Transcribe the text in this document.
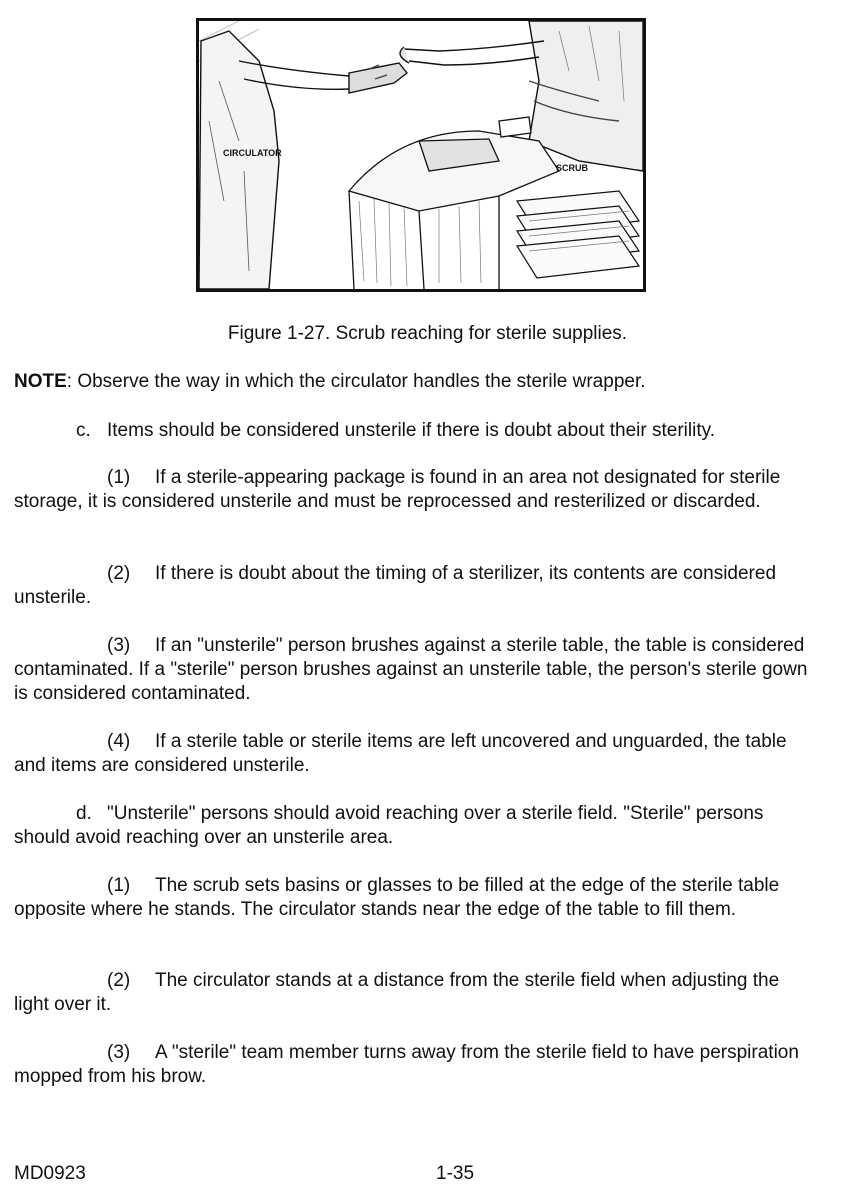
CIRCULATOR
SCRUB
Figure 1-27. Scrub reaching for sterile supplies.

NOTE: Observe the way in which the circulator handles the sterile wrapper.

c. Items should be considered unsterile if there is doubt about their sterility.

(1) If a sterile-appearing package is found in an area not designated for sterile storage, it is considered unsterile and must be reprocessed and resterilized or discarded.

(2) If there is doubt about the timing of a sterilizer, its contents are considered unsterile.

(3) If an "unsterile" person brushes against a sterile table, the table is considered contaminated. If a "sterile" person brushes against an unsterile table, the person's sterile gown is considered contaminated.

(4) If a sterile table or sterile items are left uncovered and unguarded, the table and items are considered unsterile.

d. "Unsterile" persons should avoid reaching over a sterile field. "Sterile" persons should avoid reaching over an unsterile area.

(1) The scrub sets basins or glasses to be filled at the edge of the sterile table opposite where he stands. The circulator stands near the edge of the table to fill them.

(2) The circulator stands at a distance from the sterile field when adjusting the light over it.

(3) A "sterile" team member turns away from the sterile field to have perspiration mopped from his brow.

MD0923	1-35
